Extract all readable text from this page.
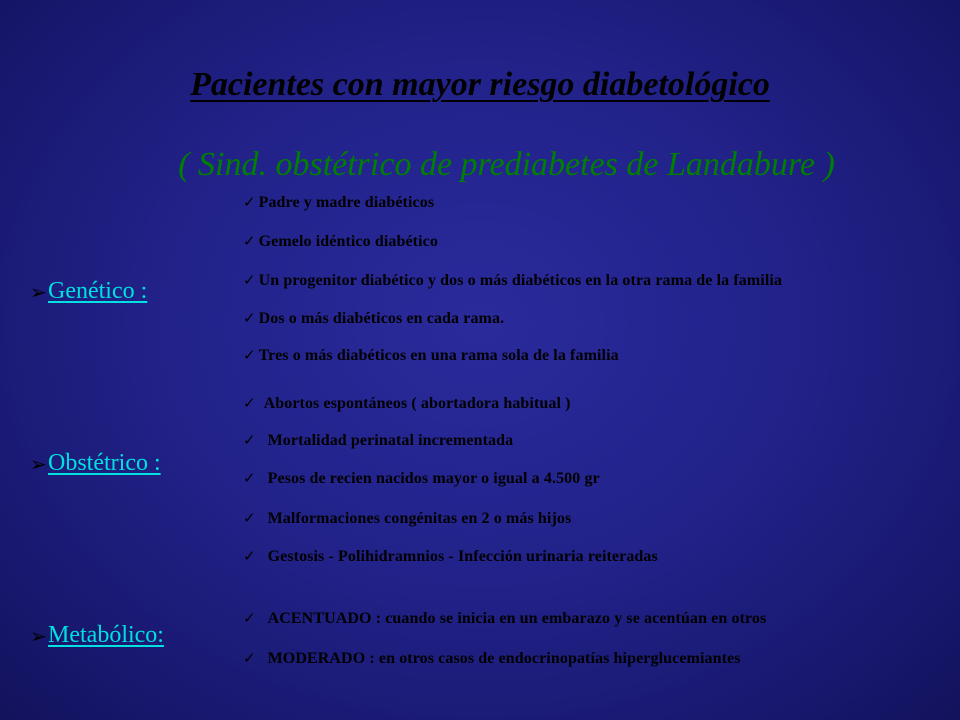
Pacientes con mayor riesgo diabetológico
( Sind. obstétrico de prediabetes de Landabure )
➢ Genético :
✓ Padre y madre diabéticos
✓ Gemelo idéntico diabético
✓ Un progenitor diabético y dos o más diabéticos en la otra rama de la familia
✓ Dos o más diabéticos en cada rama.
✓ Tres o más diabéticos en una rama sola de la familia
➢ Obstétrico :
✓ Abortos espontáneos ( abortadora habitual )
✓ Mortalidad perinatal incrementada
✓ Pesos de recien nacidos mayor o igual a 4.500 gr
✓ Malformaciones congénitas en 2 o más hijos
✓ Gestosis - Polihidramnios - Infección urinaria reiteradas
➢ Metabólico:
✓ ACENTUADO : cuando se inicia en un embarazo y se acentúan en otros
✓ MODERADO : en otros casos de endocrinopatías hiperglucemiantes
